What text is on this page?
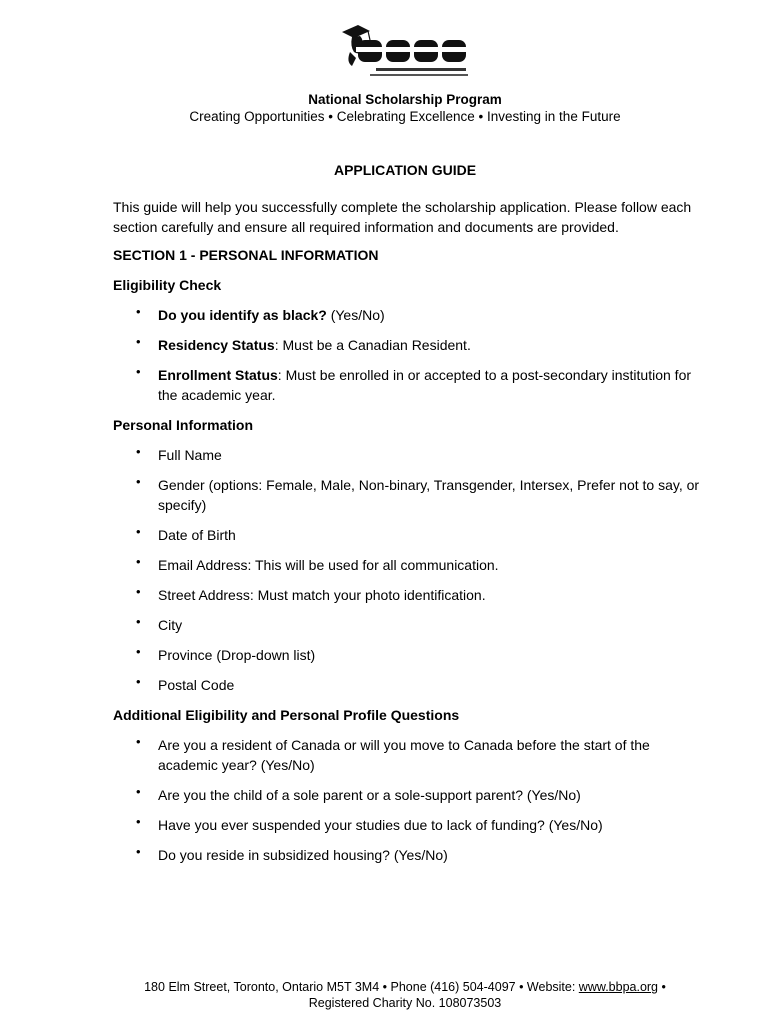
National Scholarship Program
Creating Opportunities • Celebrating Excellence • Investing in the Future
APPLICATION GUIDE

This guide will help you successfully complete the scholarship application. Please follow each section carefully and ensure all required information and documents are provided.

SECTION 1 - PERSONAL INFORMATION
Eligibility Check
• Do you identify as black? (Yes/No)
• Residency Status: Must be a Canadian Resident.
• Enrollment Status: Must be enrolled in or accepted to a post-secondary institution for the academic year.
Personal Information
• Full Name
• Gender (options: Female, Male, Non-binary, Transgender, Intersex, Prefer not to say, or specify)
• Date of Birth
• Email Address: This will be used for all communication.
• Street Address: Must match your photo identification.
• City
• Province (Drop-down list)
• Postal Code
Additional Eligibility and Personal Profile Questions
• Are you a resident of Canada or will you move to Canada before the start of the academic year? (Yes/No)
• Are you the child of a sole parent or a sole-support parent? (Yes/No)
• Have you ever suspended your studies due to lack of funding? (Yes/No)
• Do you reside in subsidized housing? (Yes/No)
180 Elm Street, Toronto, Ontario M5T 3M4 • Phone (416) 504-4097 • Website: www.bbpa.org •
Registered Charity No. 108073503
